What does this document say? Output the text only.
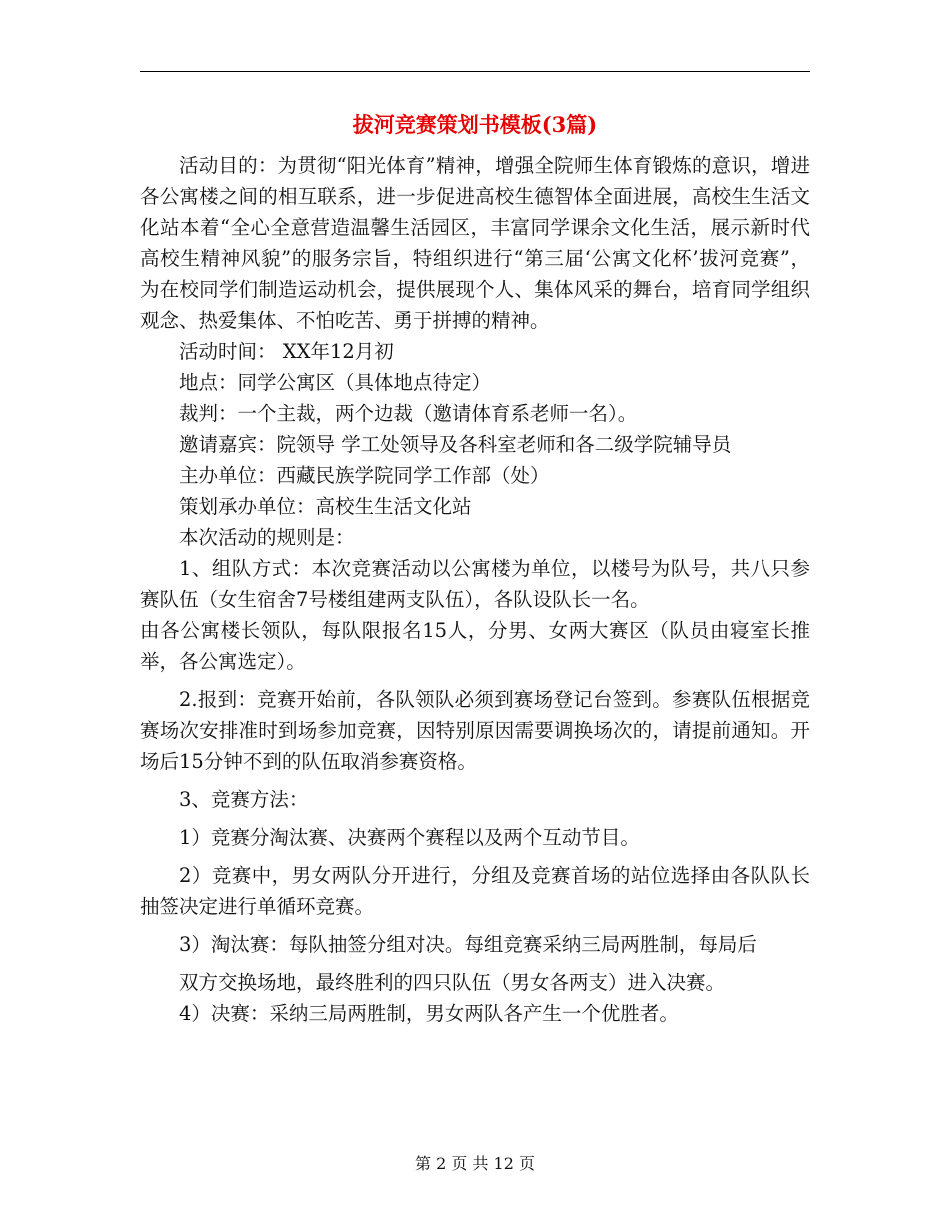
拔河竞赛策划书模板(3篇)

活动目的：为贯彻“阳光体育”精神，增强全院师生体育锻炼的意识，增进各公寓楼之间的相互联系，进一步促进高校生德智体全面进展，高校生生活文化站本着“全心全意营造温馨生活园区，丰富同学课余文化生活，展示新时代高校生精神风貌”的服务宗旨，特组织进行“第三届‘公寓文化杯’拔河竞赛”， 为在校同学们制造运动机会，提供展现个人、集体风采的舞台，培育同学组织观念、热爱集体、不怕吃苦、勇于拼搏的精神。

活动时间： XX年12月初

地点：同学公寓区（具体地点待定）

裁判：一个主裁，两个边裁（邀请体育系老师一名）。

邀请嘉宾：院领导 学工处领导及各科室老师和各二级学院辅导员

主办单位：西藏民族学院同学工作部（处）

策划承办单位：高校生生活文化站

本次活动的规则是：

1、组队方式：本次竞赛活动以公寓楼为单位，以楼号为队号，共八只参赛队伍（女生宿舍7号楼组建两支队伍），各队设队长一名。

由各公寓楼长领队，每队限报名15人，分男、女两大赛区（队员由寝室长推举，各公寓选定）。

2.报到：竞赛开始前，各队领队必须到赛场登记台签到。参赛队伍根据竞赛场次安排准时到场参加竞赛，因特别原因需要调换场次的，请提前通知。开场后15分钟不到的队伍取消参赛资格。

3、竞赛方法：

1）竞赛分淘汰赛、决赛两个赛程以及两个互动节目。

2）竞赛中，男女两队分开进行，分组及竞赛首场的站位选择由各队队长抽签决定进行单循环竞赛。

3）淘汰赛：每队抽签分组对决。每组竞赛采纳三局两胜制，每局后

双方交换场地，最终胜利的四只队伍（男女各两支）进入决赛。

4）决赛：采纳三局两胜制，男女两队各产生一个优胜者。

第 2 页 共 12 页
